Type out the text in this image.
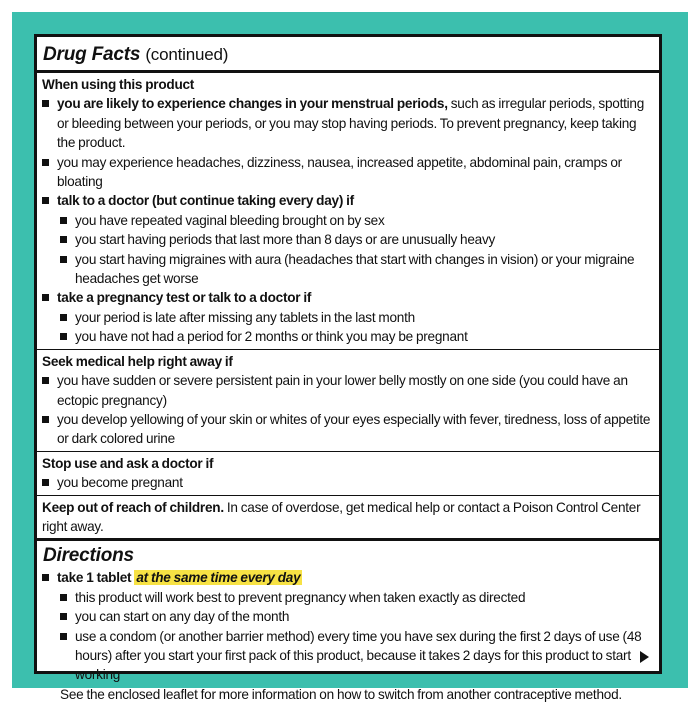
Drug Facts (continued)
When using this product
you are likely to experience changes in your menstrual periods, such as irregular periods, spotting or bleeding between your periods, or you may stop having periods. To prevent pregnancy, keep taking the product.
you may experience headaches, dizziness, nausea, increased appetite, abdominal pain, cramps or bloating
talk to a doctor (but continue taking every day) if
you have repeated vaginal bleeding brought on by sex
you start having periods that last more than 8 days or are unusually heavy
you start having migraines with aura (headaches that start with changes in vision) or your migraine headaches get worse
take a pregnancy test or talk to a doctor if
your period is late after missing any tablets in the last month
you have not had a period for 2 months or think you may be pregnant
Seek medical help right away if
you have sudden or severe persistent pain in your lower belly mostly on one side (you could have an ectopic pregnancy)
you develop yellowing of your skin or whites of your eyes especially with fever, tiredness, loss of appetite or dark colored urine
Stop use and ask a doctor if
you become pregnant
Keep out of reach of children. In case of overdose, get medical help or contact a Poison Control Center right away.
Directions
take 1 tablet at the same time every day
this product will work best to prevent pregnancy when taken exactly as directed
you can start on any day of the month
use a condom (or another barrier method) every time you have sex during the first 2 days of use (48 hours) after you start your first pack of this product, because it takes 2 days for this product to start working
See the enclosed leaflet for more information on how to switch from another contraceptive method.
